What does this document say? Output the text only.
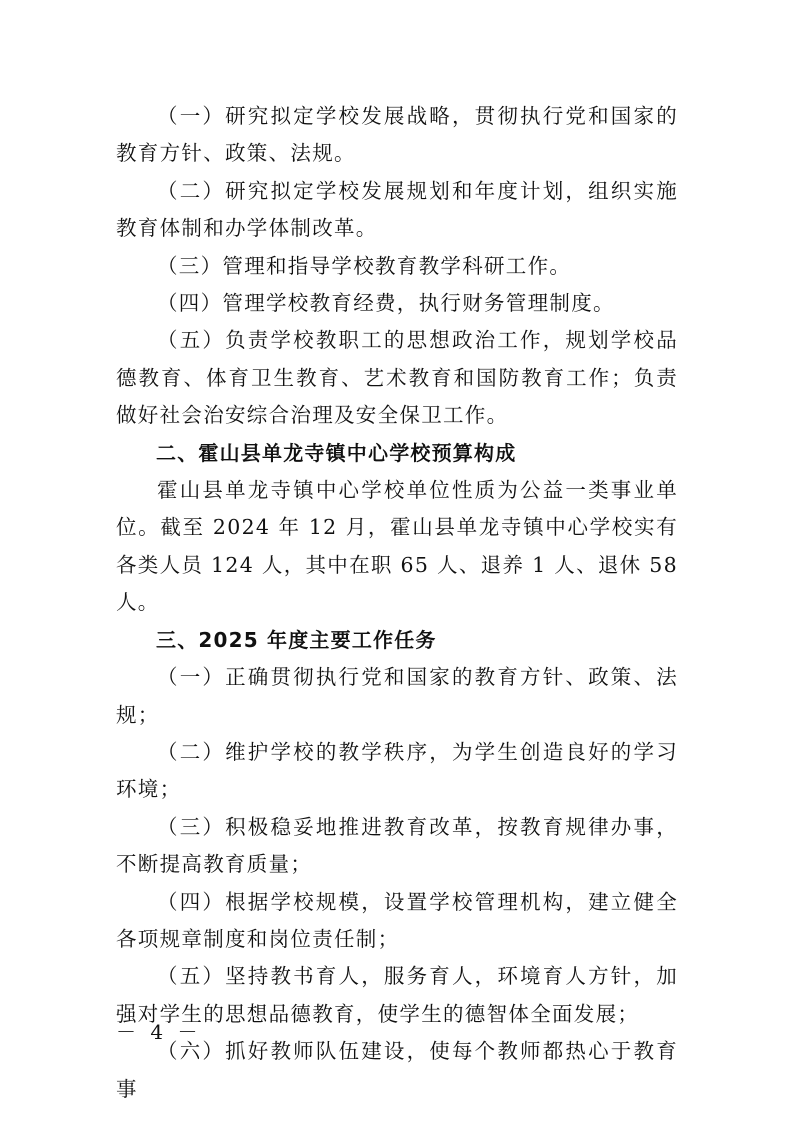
（一）研究拟定学校发展战略，贯彻执行党和国家的教育方针、政策、法规。

（二）研究拟定学校发展规划和年度计划，组织实施教育体制和办学体制改革。

（三）管理和指导学校教育教学科研工作。

（四）管理学校教育经费，执行财务管理制度。

（五）负责学校教职工的思想政治工作，规划学校品德教育、体育卫生教育、艺术教育和国防教育工作；负责做好社会治安综合治理及安全保卫工作。

二、霍山县单龙寺镇中心学校预算构成

霍山县单龙寺镇中心学校单位性质为公益一类事业单位。截至 2024 年 12 月，霍山县单龙寺镇中心学校实有各类人员 124 人，其中在职 65 人、退养 1 人、退休 58 人。

三、2025 年度主要工作任务

（一）正确贯彻执行党和国家的教育方针、政策、法规；

（二）维护学校的教学秩序，为学生创造良好的学习环境；

（三）积极稳妥地推进教育改革，按教育规律办事，不断提高教育质量；

（四）根据学校规模，设置学校管理机构，建立健全各项规章制度和岗位责任制；

（五）坚持教书育人，服务育人，环境育人方针，加强对学生的思想品德教育，使学生的德智体全面发展；

（六）抓好教师队伍建设，使每个教师都热心于教育事

－ 4 －
